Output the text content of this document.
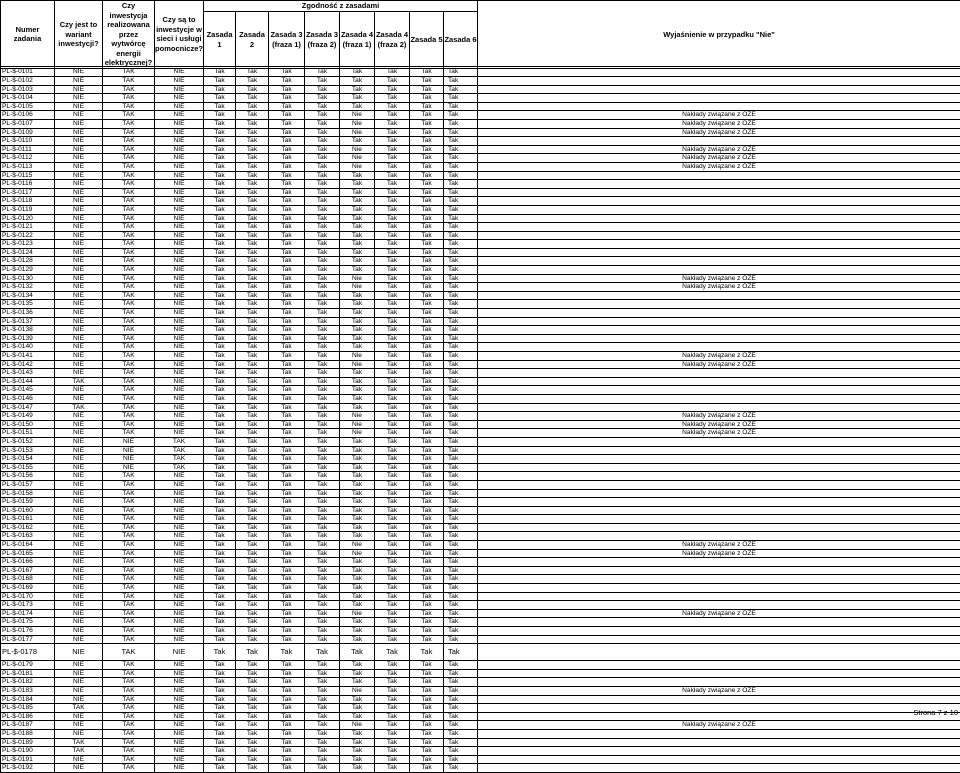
Numer zadania	Czy jest to wariant inwestycji?	Czy inwestycja realizowana przez wytwórcę energii elektrycznej?	Czy są to inwestycje w sieci i usługi pomocnicze?	Zgodność z zasadami								Wyjaśnienie w przypadku "Nie"
				Zasada 1	Zasada 2	Zasada 3 (fraza 1)	Zasada 3 (fraza 2)	Zasada 4 (fraza 1)	Zasada 4 (fraza 2)	Zasada 5	Zasada 6	
PL-$-0101	NIE	TAK	NIE	Tak	Tak	Tak	Tak	Tak	Tak	Tak	Tak	
PL-$-0102	NIE	TAK	NIE	Tak	Tak	Tak	Tak	Tak	Tak	Tak	Tak	
PL-$-0103	NIE	TAK	NIE	Tak	Tak	Tak	Tak	Tak	Tak	Tak	Tak	
PL-$-0104	NIE	TAK	NIE	Tak	Tak	Tak	Tak	Tak	Tak	Tak	Tak	
PL-$-0105	NIE	TAK	NIE	Tak	Tak	Tak	Tak	Tak	Tak	Tak	Tak	
PL-$-0106	NIE	TAK	NIE	Tak	Tak	Tak	Tak	Nie	Tak	Tak	Tak	Nakłady związane z OZE
PL-$-0107	NIE	TAK	NIE	Tak	Tak	Tak	Tak	Nie	Tak	Tak	Tak	Nakłady związane z OZE
PL-$-0109	NIE	TAK	NIE	Tak	Tak	Tak	Tak	Nie	Tak	Tak	Tak	Nakłady związane z OZE
PL-$-0110	NIE	TAK	NIE	Tak	Tak	Tak	Tak	Tak	Tak	Tak	Tak	
PL-$-0111	NIE	TAK	NIE	Tak	Tak	Tak	Tak	Nie	Tak	Tak	Tak	Nakłady związane z OZE
PL-$-0112	NIE	TAK	NIE	Tak	Tak	Tak	Tak	Nie	Tak	Tak	Tak	Nakłady związane z OZE
PL-$-0113	NIE	TAK	NIE	Tak	Tak	Tak	Tak	Nie	Tak	Tak	Tak	Nakłady związane z OZE
PL-$-0115	NIE	TAK	NIE	Tak	Tak	Tak	Tak	Tak	Tak	Tak	Tak	
PL-$-0116	NIE	TAK	NIE	Tak	Tak	Tak	Tak	Tak	Tak	Tak	Tak	
PL-$-0117	NIE	TAK	NIE	Tak	Tak	Tak	Tak	Tak	Tak	Tak	Tak	
PL-$-0118	NIE	TAK	NIE	Tak	Tak	Tak	Tak	Tak	Tak	Tak	Tak	
PL-$-0119	NIE	TAK	NIE	Tak	Tak	Tak	Tak	Tak	Tak	Tak	Tak	
PL-$-0120	NIE	TAK	NIE	Tak	Tak	Tak	Tak	Tak	Tak	Tak	Tak	
PL-$-0121	NIE	TAK	NIE	Tak	Tak	Tak	Tak	Tak	Tak	Tak	Tak	
PL-$-0122	NIE	TAK	NIE	Tak	Tak	Tak	Tak	Tak	Tak	Tak	Tak	
PL-$-0123	NIE	TAK	NIE	Tak	Tak	Tak	Tak	Tak	Tak	Tak	Tak	
PL-$-0124	NIE	TAK	NIE	Tak	Tak	Tak	Tak	Tak	Tak	Tak	Tak	
PL-$-0128	NIE	TAK	NIE	Tak	Tak	Tak	Tak	Tak	Tak	Tak	Tak	
PL-$-0129	NIE	TAK	NIE	Tak	Tak	Tak	Tak	Tak	Tak	Tak	Tak	
PL-$-0130	NIE	TAK	NIE	Tak	Tak	Tak	Tak	Nie	Tak	Tak	Tak	Nakłady związane z OZE
PL-$-0132	NIE	TAK	NIE	Tak	Tak	Tak	Tak	Nie	Tak	Tak	Tak	Nakłady związane z OZE
PL-$-0134	NIE	TAK	NIE	Tak	Tak	Tak	Tak	Tak	Tak	Tak	Tak	
PL-$-0135	NIE	TAK	NIE	Tak	Tak	Tak	Tak	Tak	Tak	Tak	Tak	
PL-$-0136	NIE	TAK	NIE	Tak	Tak	Tak	Tak	Tak	Tak	Tak	Tak	
PL-$-0137	NIE	TAK	NIE	Tak	Tak	Tak	Tak	Tak	Tak	Tak	Tak	
PL-$-0138	NIE	TAK	NIE	Tak	Tak	Tak	Tak	Tak	Tak	Tak	Tak	
PL-$-0139	NIE	TAK	NIE	Tak	Tak	Tak	Tak	Tak	Tak	Tak	Tak	
PL-$-0140	NIE	TAK	NIE	Tak	Tak	Tak	Tak	Tak	Tak	Tak	Tak	
PL-$-0141	NIE	TAK	NIE	Tak	Tak	Tak	Tak	Nie	Tak	Tak	Tak	Nakłady związane z OZE
PL-$-0142	NIE	TAK	NIE	Tak	Tak	Tak	Tak	Nie	Tak	Tak	Tak	Nakłady związane z OZE
PL-$-0143	NIE	TAK	NIE	Tak	Tak	Tak	Tak	Tak	Tak	Tak	Tak	
PL-$-0144	TAK	TAK	NIE	Tak	Tak	Tak	Tak	Tak	Tak	Tak	Tak	
PL-$-0145	NIE	TAK	NIE	Tak	Tak	Tak	Tak	Tak	Tak	Tak	Tak	
PL-$-0146	NIE	TAK	NIE	Tak	Tak	Tak	Tak	Tak	Tak	Tak	Tak	
PL-$-0147	TAK	TAK	NIE	Tak	Tak	Tak	Tak	Tak	Tak	Tak	Tak	
PL-$-0149	NIE	TAK	NIE	Tak	Tak	Tak	Tak	Nie	Tak	Tak	Tak	Nakłady związane z OZE
PL-$-0150	NIE	TAK	NIE	Tak	Tak	Tak	Tak	Nie	Tak	Tak	Tak	Nakłady związane z OZE
PL-$-0151	NIE	TAK	NIE	Tak	Tak	Tak	Tak	Nie	Tak	Tak	Tak	Nakłady związane z OZE
PL-$-0152	NIE	NIE	TAK	Tak	Tak	Tak	Tak	Tak	Tak	Tak	Tak	
PL-$-0153	NIE	NIE	TAK	Tak	Tak	Tak	Tak	Tak	Tak	Tak	Tak	
PL-$-0154	NIE	NIE	TAK	Tak	Tak	Tak	Tak	Tak	Tak	Tak	Tak	
PL-$-0155	NIE	NIE	TAK	Tak	Tak	Tak	Tak	Tak	Tak	Tak	Tak	
PL-$-0156	NIE	TAK	NIE	Tak	Tak	Tak	Tak	Tak	Tak	Tak	Tak	
PL-$-0157	NIE	TAK	NIE	Tak	Tak	Tak	Tak	Tak	Tak	Tak	Tak	
PL-$-0158	NIE	TAK	NIE	Tak	Tak	Tak	Tak	Tak	Tak	Tak	Tak	
PL-$-0159	NIE	TAK	NIE	Tak	Tak	Tak	Tak	Tak	Tak	Tak	Tak	
PL-$-0160	NIE	TAK	NIE	Tak	Tak	Tak	Tak	Tak	Tak	Tak	Tak	
PL-$-0161	NIE	TAK	NIE	Tak	Tak	Tak	Tak	Tak	Tak	Tak	Tak	
PL-$-0162	NIE	TAK	NIE	Tak	Tak	Tak	Tak	Tak	Tak	Tak	Tak	
PL-$-0163	NIE	TAK	NIE	Tak	Tak	Tak	Tak	Tak	Tak	Tak	Tak	
PL-$-0164	NIE	TAK	NIE	Tak	Tak	Tak	Tak	Nie	Tak	Tak	Tak	Nakłady związane z OZE
PL-$-0165	NIE	TAK	NIE	Tak	Tak	Tak	Tak	Nie	Tak	Tak	Tak	Nakłady związane z OZE
PL-$-0166	NIE	TAK	NIE	Tak	Tak	Tak	Tak	Tak	Tak	Tak	Tak	
PL-$-0167	NIE	TAK	NIE	Tak	Tak	Tak	Tak	Tak	Tak	Tak	Tak	
PL-$-0168	NIE	TAK	NIE	Tak	Tak	Tak	Tak	Tak	Tak	Tak	Tak	
PL-$-0169	NIE	TAK	NIE	Tak	Tak	Tak	Tak	Tak	Tak	Tak	Tak	
PL-$-0170	NIE	TAK	NIE	Tak	Tak	Tak	Tak	Tak	Tak	Tak	Tak	
PL-$-0173	NIE	TAK	NIE	Tak	Tak	Tak	Tak	Tak	Tak	Tak	Tak	
PL-$-0174	NIE	TAK	NIE	Tak	Tak	Tak	Tak	Nie	Tak	Tak	Tak	Nakłady związane z OZE
PL-$-0175	NIE	TAK	NIE	Tak	Tak	Tak	Tak	Tak	Tak	Tak	Tak	
PL-$-0176	NIE	TAK	NIE	Tak	Tak	Tak	Tak	Tak	Tak	Tak	Tak	
PL-$-0177	NIE	TAK	NIE	Tak	Tak	Tak	Tak	Tak	Tak	Tak	Tak	
PL-$-0178	NIE	TAK	NIE	Tak	Tak	Tak	Tak	Tak	Tak	Tak	Tak	
PL-$-0179	NIE	TAK	NIE	Tak	Tak	Tak	Tak	Tak	Tak	Tak	Tak	
PL-$-0181	NIE	TAK	NIE	Tak	Tak	Tak	Tak	Tak	Tak	Tak	Tak	
PL-$-0182	NIE	TAK	NIE	Tak	Tak	Tak	Tak	Tak	Tak	Tak	Tak	
PL-$-0183	NIE	TAK	NIE	Tak	Tak	Tak	Tak	Nie	Tak	Tak	Tak	Nakłady związane z OZE
PL-$-0184	NIE	TAK	NIE	Tak	Tak	Tak	Tak	Tak	Tak	Tak	Tak	
PL-$-0185	TAK	TAK	NIE	Tak	Tak	Tak	Tak	Tak	Tak	Tak	Tak	
PL-$-0186	NIE	TAK	NIE	Tak	Tak	Tak	Tak	Tak	Tak	Tak	Tak	
PL-$-0187	NIE	TAK	NIE	Tak	Tak	Tak	Tak	Nie	Tak	Tak	Tak	Nakłady związane z OZE
PL-$-0188	NIE	TAK	NIE	Tak	Tak	Tak	Tak	Tak	Tak	Tak	Tak	
PL-$-0189	TAK	TAK	NIE	Tak	Tak	Tak	Tak	Tak	Tak	Tak	Tak	
PL-$-0190	TAK	TAK	NIE	Tak	Tak	Tak	Tak	Tak	Tak	Tak	Tak	
PL-$-0191	NIE	TAK	NIE	Tak	Tak	Tak	Tak	Tak	Tak	Tak	Tak	
PL-$-0192	NIE	TAK	NIE	Tak	Tak	Tak	Tak	Tak	Tak	Tak	Tak	
Strona 7 z 10
